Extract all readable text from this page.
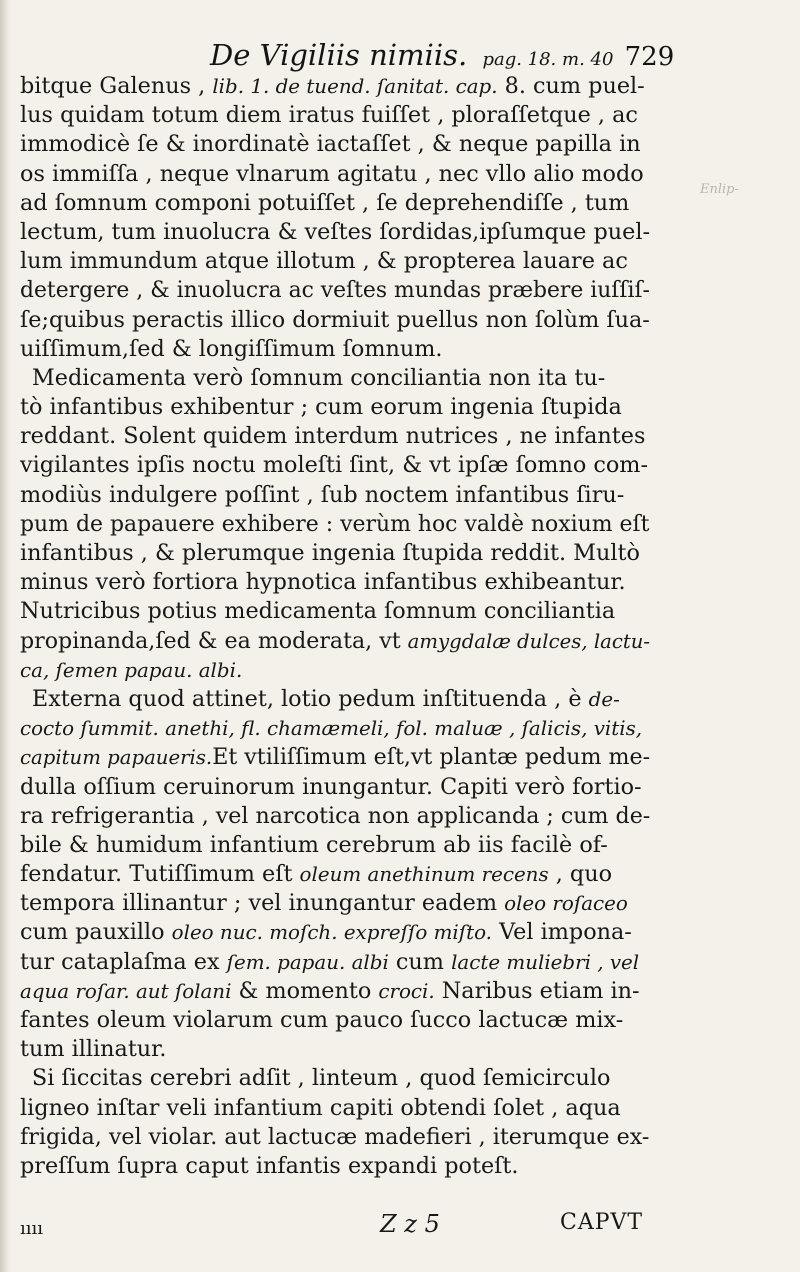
De Vigiliis nimiis. pag. 18. m. 40 729
Enlip-
bitque Galenus , lib. 1. de tuend. ſanitat. cap. 8. cum puel-
lus quidam totum diem iratus fuiſſet , ploraſſetque , ac
immodicè ſe & inordinatè iactaſſet , & neque papilla in
os immiſſa , neque vlnarum agitatu , nec vllo alio modo
ad ſomnum componi potuiſſet , ſe deprehendiſſe , tum
lectum, tum inuolucra & veſtes ſordidas,ipſumque puel-
lum immundum atque illotum , & propterea lauare ac
detergere , & inuolucra ac veſtes mundas præbere iuſſiſ-
ſe;quibus peractis illico dormiuit puellus non ſolùm ſua-
uiſſimum,ſed & longiſſimum ſomnum.
Medicamenta verò ſomnum conciliantia non ita tu-
tò infantibus exhibentur ; cum eorum ingenia ſtupida
reddant. Solent quidem interdum nutrices , ne infantes
vigilantes ipſis noctu moleſti ſint, & vt ipſæ ſomno com-
modiùs indulgere poſſint , ſub noctem infantibus ſiru-
pum de papauere exhibere : verùm hoc valdè noxium eſt
infantibus , & plerumque ingenia ſtupida reddit. Multò
minus verò fortiora hypnotica infantibus exhibeantur.
Nutricibus potius medicamenta ſomnum conciliantia
propinanda,ſed & ea moderata, vt amygdalæ dulces, lactu-
ca, ſemen papau. albi.
Externa quod attinet, lotio pedum inſtituenda , è de-
cocto ſummit. anethi, fl. chamæmeli, fol. maluæ , ſalicis, vitis,
capitum papaueris.Et vtiliſſimum eſt,vt plantæ pedum me-
dulla oſſium ceruinorum inungantur. Capiti verò fortio-
ra refrigerantia , vel narcotica non applicanda ; cum de-
bile & humidum infantium cerebrum ab iis facilè of-
fendatur. Tutiſſimum eſt oleum anethinum recens , quo
tempora illinantur ; vel inungantur eadem oleo roſaceo
cum pauxillo oleo nuc. moſch. expreſſo miſto. Vel impona-
tur cataplaſma ex ſem. papau. albi cum lacte muliebri , vel
aqua roſar. aut ſolani & momento croci. Naribus etiam in-
fantes oleum violarum cum pauco ſucco lactucæ mix-
tum illinatur.
Si ſiccitas cerebri adſit , linteum , quod ſemicirculo
ligneo inſtar veli infantium capiti obtendi ſolet , aqua
frigida, vel violar. aut lactucæ madefieri , iterumque ex-
preſſum ſupra caput infantis expandi poteſt.
ıııı	Z z 5	CAPVT
